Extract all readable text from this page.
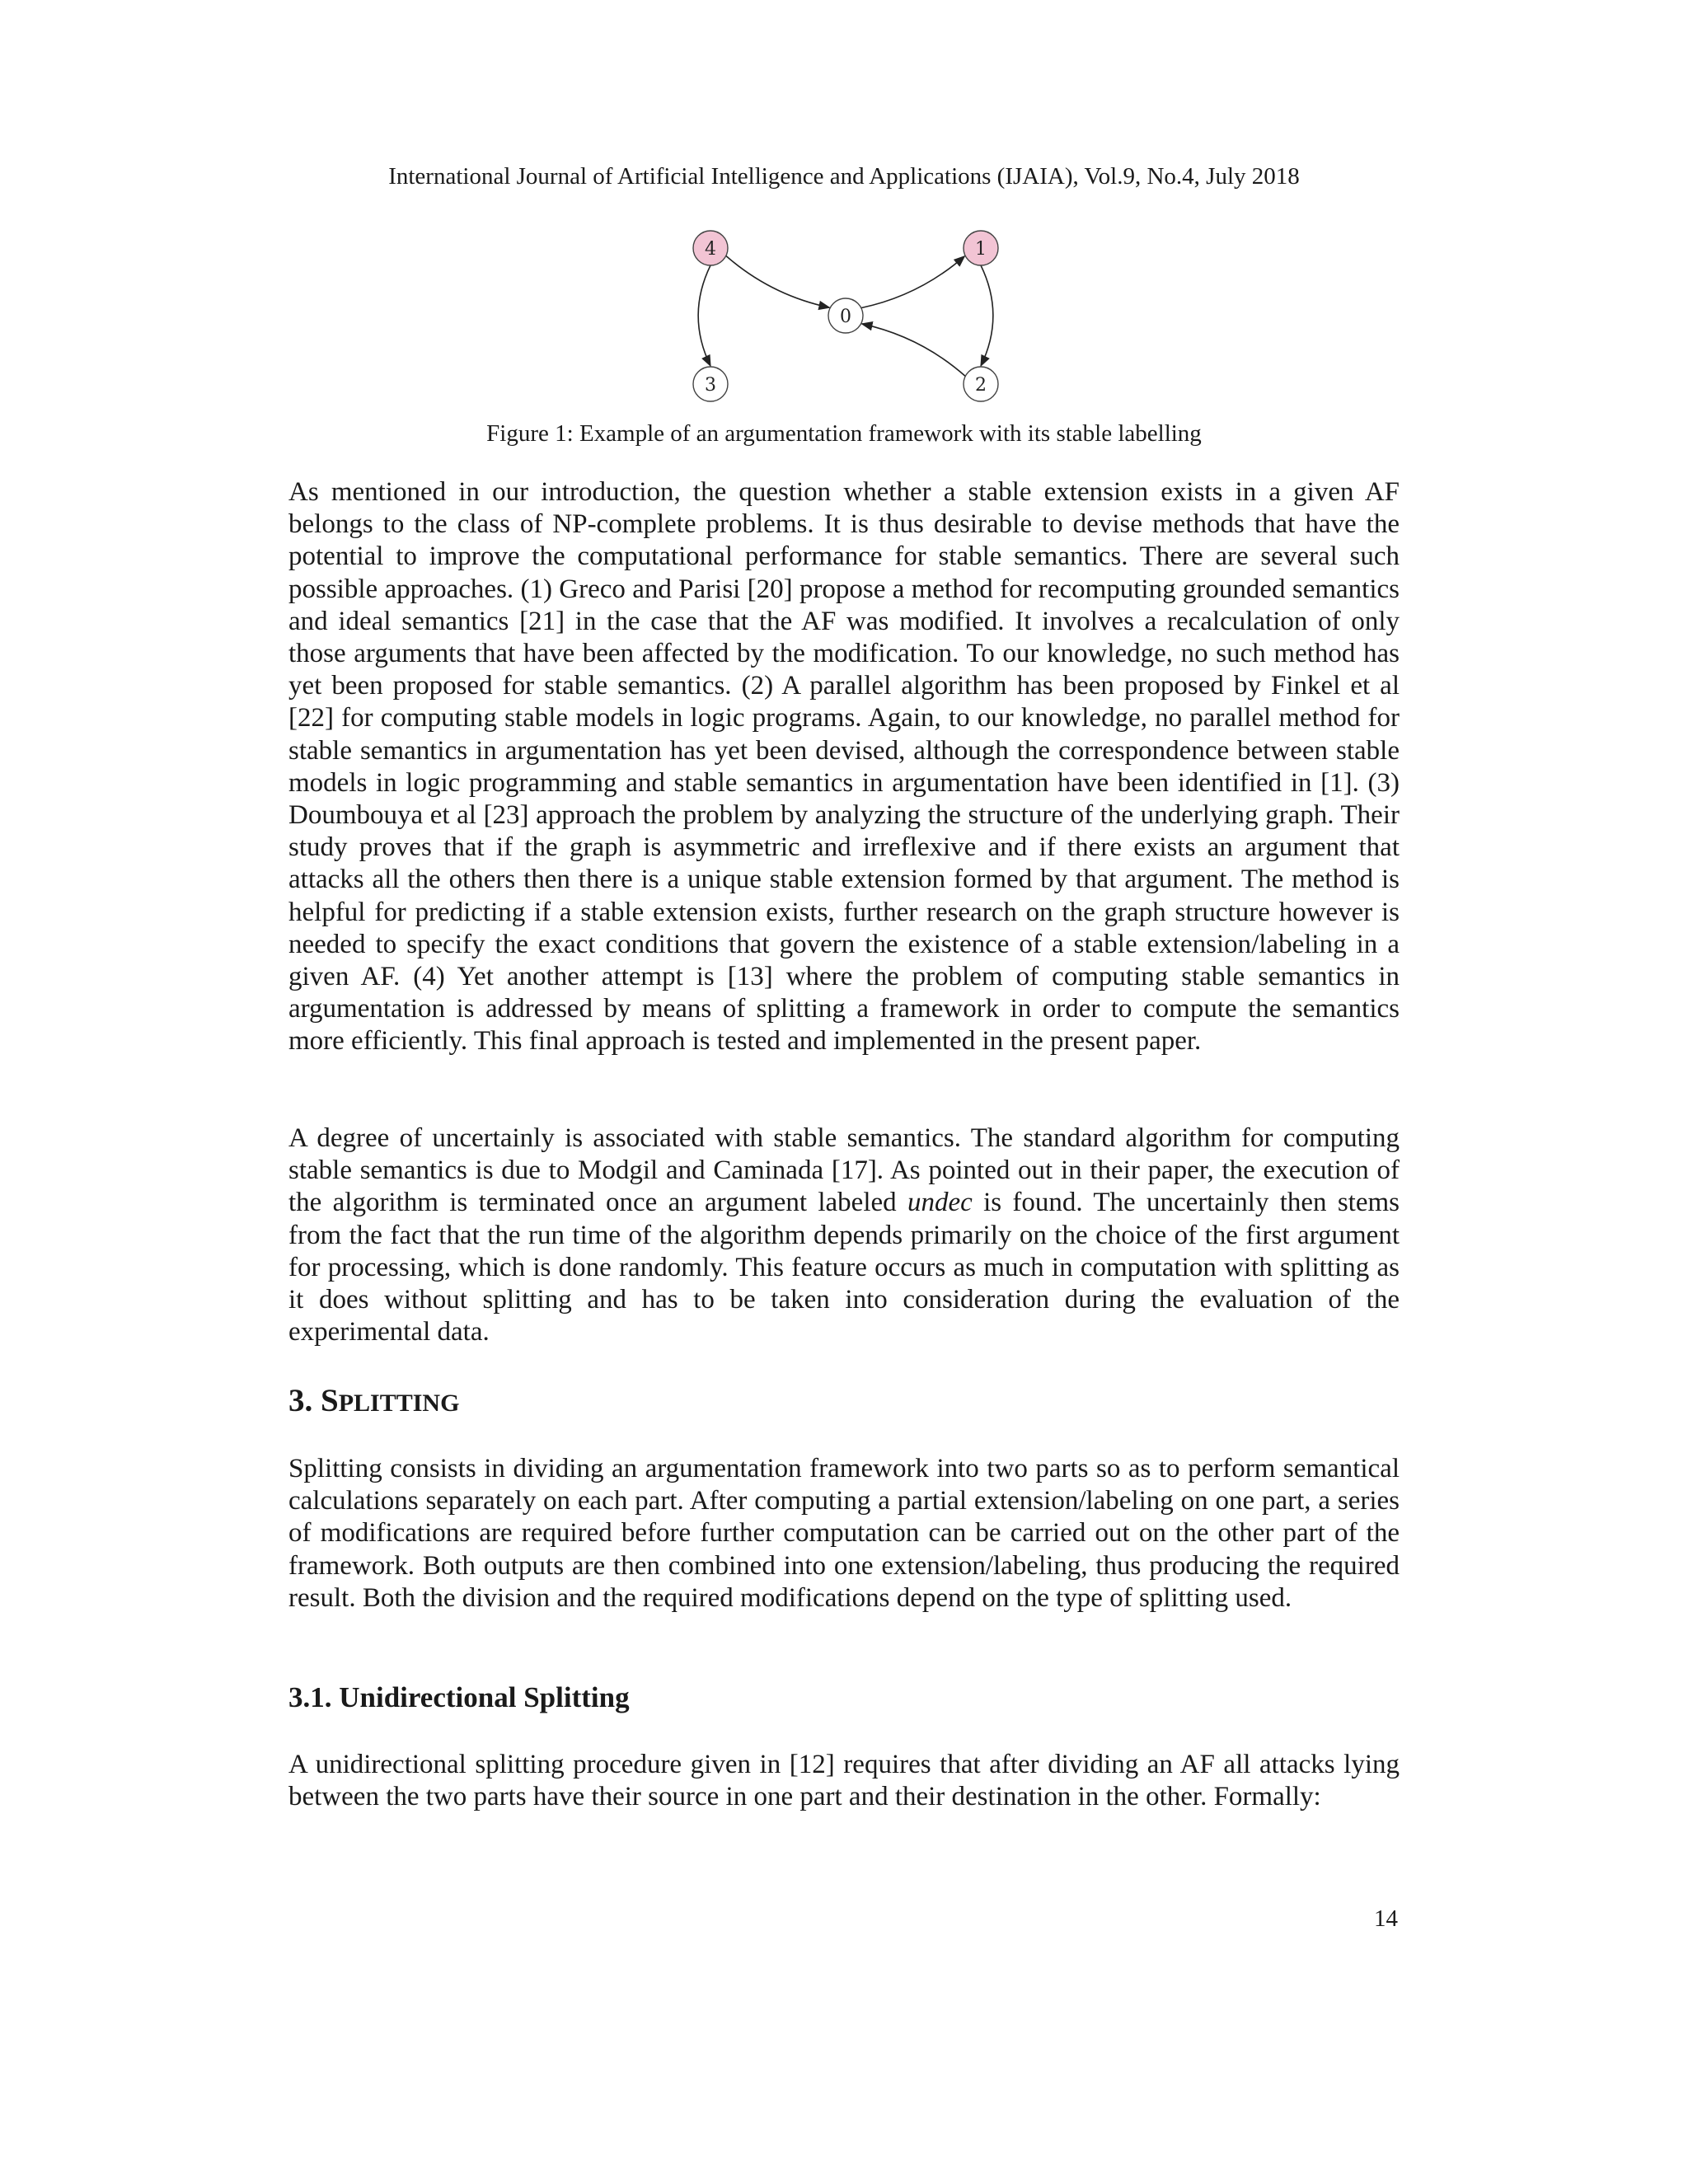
International Journal of Artificial Intelligence and Applications (IJAIA), Vol.9, No.4, July 2018
4	1
0
3	2
Figure 1: Example of an argumentation framework with its stable labelling

As mentioned in our introduction, the question whether a stable extension exists in a given AF belongs to the class of NP-complete problems. It is thus desirable to devise methods that have the potential to improve the computational performance for stable semantics. There are several such possible approaches. (1) Greco and Parisi [20] propose a method for recomputing grounded semantics and ideal semantics [21] in the case that the AF was modified. It involves a recalculation of only those arguments that have been affected by the modification. To our knowledge, no such method has yet been proposed for stable semantics. (2) A parallel algorithm has been proposed by Finkel et al [22] for computing stable models in logic programs. Again, to our knowledge, no parallel method for stable semantics in argumentation has yet been devised, although the correspondence between stable models in logic programming and stable semantics in argumentation have been identified in [1]. (3) Doumbouya et al [23] approach the problem by analyzing the structure of the underlying graph. Their study proves that if the graph is asymmetric and irreflexive and if there exists an argument that attacks all the others then there is a unique stable extension formed by that argument. The method is helpful for predicting if a stable extension exists, further research on the graph structure however is needed to specify the exact conditions that govern the existence of a stable extension/labeling in a given AF. (4) Yet another attempt is [13] where the problem of computing stable semantics in argumentation is addressed by means of splitting a framework in order to compute the semantics more efficiently. This final approach is tested and implemented in the present paper.

A degree of uncertainly is associated with stable semantics. The standard algorithm for computing stable semantics is due to Modgil and Caminada [17]. As pointed out in their paper, the execution of the algorithm is terminated once an argument labeled undec is found. The uncertainly then stems from the fact that the run time of the algorithm depends primarily on the choice of the first argument for processing, which is done randomly. This feature occurs as much in computation with splitting as it does without splitting and has to be taken into consideration during the evaluation of the experimental data.

3. SPLITTING

Splitting consists in dividing an argumentation framework into two parts so as to perform semantical calculations separately on each part. After computing a partial extension/labeling on one part, a series of modifications are required before further computation can be carried out on the other part of the framework. Both outputs are then combined into one extension/labeling, thus producing the required result. Both the division and the required modifications depend on the type of splitting used.

3.1. Unidirectional Splitting

A unidirectional splitting procedure given in [12] requires that after dividing an AF all attacks lying between the two parts have their source in one part and their destination in the other. Formally:

14
